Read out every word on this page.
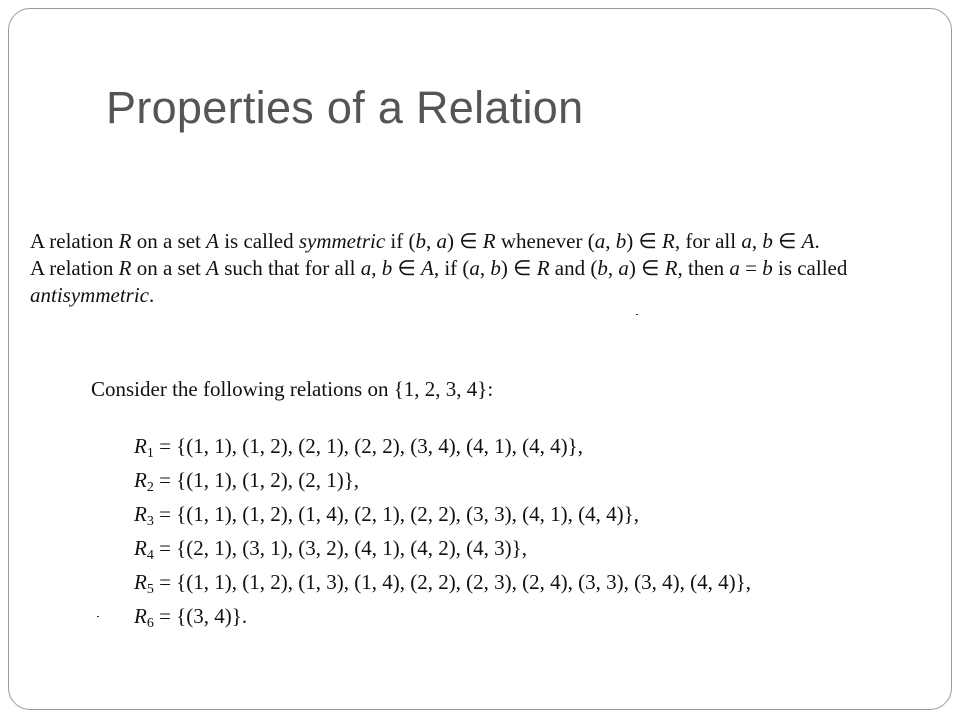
Properties of a Relation

A relation R on a set A is called symmetric if (b, a) ∈ R whenever (a, b) ∈ R, for all a, b ∈ A.

A relation R on a set A such that for all a, b ∈ A, if (a, b) ∈ R and (b, a) ∈ R, then a = b is called antisymmetric.

Consider the following relations on {1, 2, 3, 4}:
R1 = {(1, 1), (1, 2), (2, 1), (2, 2), (3, 4), (4, 1), (4, 4)},
R2 = {(1, 1), (1, 2), (2, 1)},
R3 = {(1, 1), (1, 2), (1, 4), (2, 1), (2, 2), (3, 3), (4, 1), (4, 4)},
R4 = {(2, 1), (3, 1), (3, 2), (4, 1), (4, 2), (4, 3)},
R5 = {(1, 1), (1, 2), (1, 3), (1, 4), (2, 2), (2, 3), (2, 4), (3, 3), (3, 4), (4, 4)},
R6 = {(3, 4)}.
